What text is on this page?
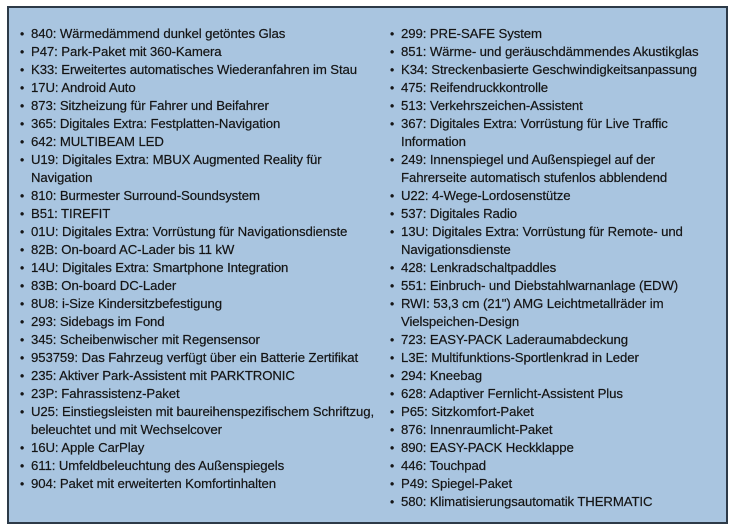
• 840: Wärmedämmend dunkel getöntes Glas
• P47: Park-Paket mit 360-Kamera
• K33: Erweitertes automatisches Wiederanfahren im Stau
• 17U: Android Auto
• 873: Sitzheizung für Fahrer und Beifahrer
• 365: Digitales Extra: Festplatten-Navigation
• 642: MULTIBEAM LED
• U19: Digitales Extra: MBUX Augmented Reality für Navigation
• 810: Burmester Surround-Soundsystem
• B51: TIREFIT
• 01U: Digitales Extra: Vorrüstung für Navigationsdienste
• 82B: On-board AC-Lader bis 11 kW
• 14U: Digitales Extra: Smartphone Integration
• 83B: On-board DC-Lader
• 8U8: i-Size Kindersitzbefestigung
• 293: Sidebags im Fond
• 345: Scheibenwischer mit Regensensor
• 953759: Das Fahrzeug verfügt über ein Batterie Zertifikat
• 235: Aktiver Park-Assistent mit PARKTRONIC
• 23P: Fahrassistenz-Paket
• U25: Einstiegsleisten mit baureihenspezifischem Schriftzug, beleuchtet und mit Wechselcover
• 16U: Apple CarPlay
• 611: Umfeldbeleuchtung des Außenspiegels
• 904: Paket mit erweiterten Komfortinhalten
• 299: PRE-SAFE System
• 851: Wärme- und geräuschdämmendes Akustikglas
• K34: Streckenbasierte Geschwindigkeitsanpassung
• 475: Reifendruckkontrolle
• 513: Verkehrszeichen-Assistent
• 367: Digitales Extra: Vorrüstung für Live Traffic Information
• 249: Innenspiegel und Außenspiegel auf der Fahrerseite automatisch stufenlos abblendend
• U22: 4-Wege-Lordosenstütze
• 537: Digitales Radio
• 13U: Digitales Extra: Vorrüstung für Remote- und Navigationsdienste
• 428: Lenkradschaltpaddles
• 551: Einbruch- und Diebstahlwarnanlage (EDW)
• RWI: 53,3 cm (21") AMG Leichtmetallräder im Vielspeichen-Design
• 723: EASY-PACK Laderaumabdeckung
• L3E: Multifunktions-Sportlenkrad in Leder
• 294: Kneebag
• 628: Adaptiver Fernlicht-Assistent Plus
• P65: Sitzkomfort-Paket
• 876: Innenraumlicht-Paket
• 890: EASY-PACK Heckklappe
• 446: Touchpad
• P49: Spiegel-Paket
• 580: Klimatisierungsautomatik THERMATIC
